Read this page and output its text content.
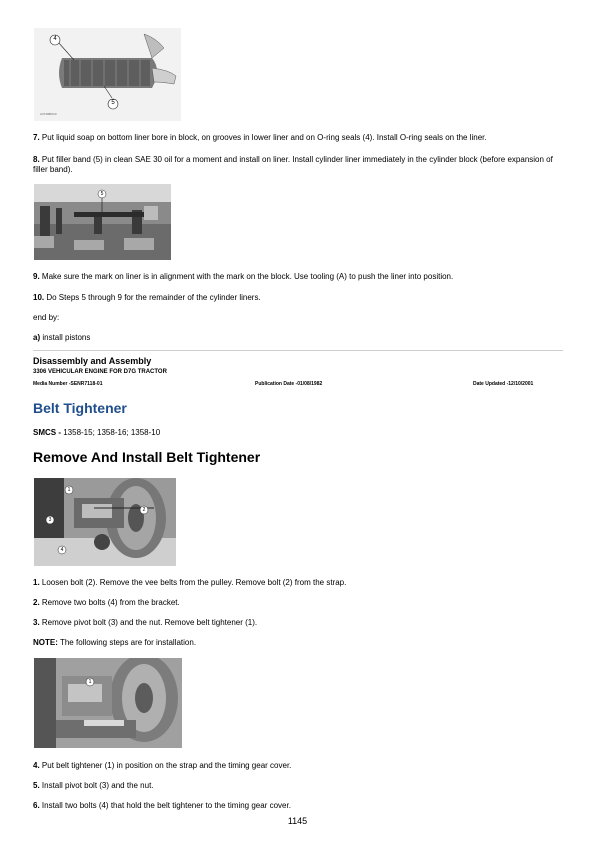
4
5
A3749BNV3
7. Put liquid soap on bottom liner bore in block, on grooves in lower liner and on O-ring seals (4). Install O-ring seals on the liner.
8. Put filler band (5) in clean SAE 30 oil for a moment and install on liner. Install cylinder liner immediately in the cylinder block (before expansion of filler band).
5
9. Make sure the mark on liner is in alignment with the mark on the block. Use tooling (A) to push the liner into position.
10. Do Steps 5 through 9 for the remainder of the cylinder liners.
end by:
a) install pistons
Disassembly and Assembly
3306 VEHICULAR ENGINE FOR D7G TRACTOR
Media Number -SENR7118-01	Publication Date -01/08/1982	Date Updated -12/10/2001
Belt Tightener
SMCS - 1358-15; 1358-16; 1358-10
Remove And Install Belt Tightener
1
2
3
4
1. Loosen bolt (2). Remove the vee belts from the pulley. Remove bolt (2) from the strap.
2. Remove two bolts (4) from the bracket.
3. Remove pivot bolt (3) and the nut. Remove belt tightener (1).
NOTE: The following steps are for installation.
1
4. Put belt tightener (1) in position on the strap and the timing gear cover.
5. Install pivot bolt (3) and the nut.
6. Install two bolts (4) that hold the belt tightener to the timing gear cover.
1145
